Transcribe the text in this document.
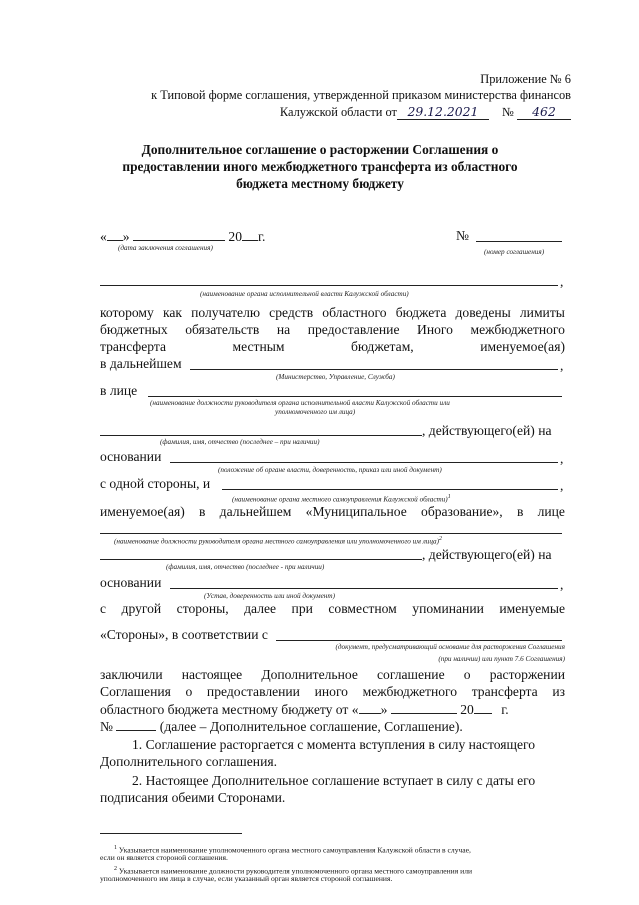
Приложение № 6
к Типовой форме соглашения, утвержденной приказом министерства финансов
Калужской области от 29.12.2021 № 462
Дополнительное соглашение о расторжении Соглашения о
предоставлении иного межбюджетного трансферта из областного
бюджета местному бюджету
« »	20 г.
(дата заключения соглашения)
№
(номер соглашения)
,
(наименование органа исполнительной власти Калужской области)
которому как получателю средств областного бюджета доведены лимиты
бюджетных обязательств на предоставление Иного межбюджетного
трансферта	местным	бюджетам,	именуемое(ая)
в дальнейшем	,
(Министерство, Управление, Служба)
в лице
(наименование должности руководителя органа исполнительной власти Калужской области или
уполномоченного им лица)
, действующего(ей) на
(фамилия, имя, отчество (последнее – при наличии)
основании	,
(положение об органе власти, доверенность, приказ или иной документ)
с одной стороны, и	,
(наименование органа местного самоуправления Калужской области)$^1$
именуемое(ая) в дальнейшем «Муниципальное образование», в лице
(наименование должности руководителя органа местного самоуправления или уполномоченного им лица)$^2$
, действующего(ей) на
(фамилия, имя, отчество (последнее - при наличии)
основании	,
(Устав, доверенность или иной документ)
с другой стороны, далее при совместном упоминании именуемые
«Стороны», в соответствии с
(документ, предусматривающий основание для расторжения Соглашения
(при наличии) или пункт 7.6 Соглашения)
заключили настоящее Дополнительное соглашение о расторжении
Соглашения о предоставлении иного межбюджетного трансферта из
областного бюджета местному бюджету от « »	20 г.
№	(далее – Дополнительное соглашение, Соглашение).
1. Соглашение расторгается с момента вступления в силу настоящего
Дополнительного соглашения.
2. Настоящее Дополнительное соглашение вступает в силу с даты его
подписания обеими Сторонами.
$^1$ Указывается наименование уполномоченного органа местного самоуправления Калужской области в случае,
если он является стороной соглашения.
$^2$ Указывается наименование должности руководителя уполномоченного органа местного самоуправления или
уполномоченного им лица в случае, если указанный орган является стороной соглашения.
